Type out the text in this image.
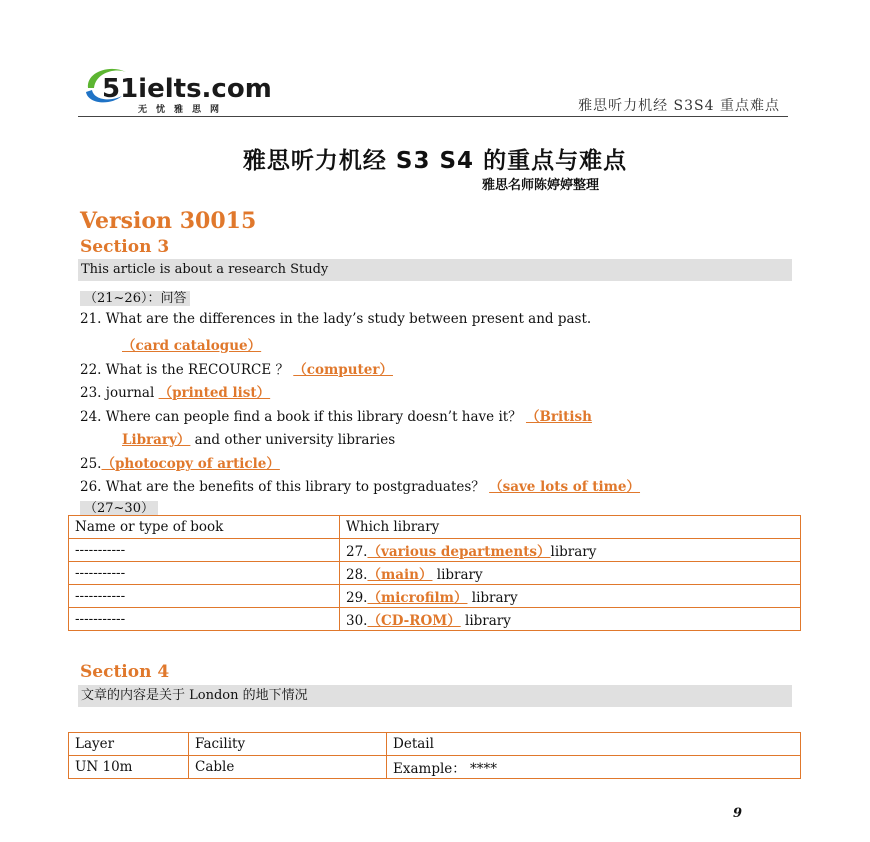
51ielts.com
无忧雅思网	雅思听力机经 S3S4 重点难点
雅思听力机经 S3 S4 的重点与难点
雅思名师陈婷婷整理
Version 30015
Section 3
This article is about a research Study
（21~26）：问答
21. What are the differences in the lady’s study between present and past.
（card catalogue）
22. What is the RECOURCE ？ （computer）
23. journal （printed list）
24. Where can people find a book if this library doesn’t have it？ （British
Library） and other university libraries
25.（photocopy of article）
26. What are the benefits of this library to postgraduates？ （save lots of time）
（27~30）
Name or type of book	Which library
-----------	27.（various departments）library
-----------	28.（main） library
-----------	29.（microfilm） library
-----------	30.（CD-ROM） library
Section 4
文章的内容是关于 London 的地下情况
Layer	Facility	Detail
UN 10m	Cable	Example： ****
9
